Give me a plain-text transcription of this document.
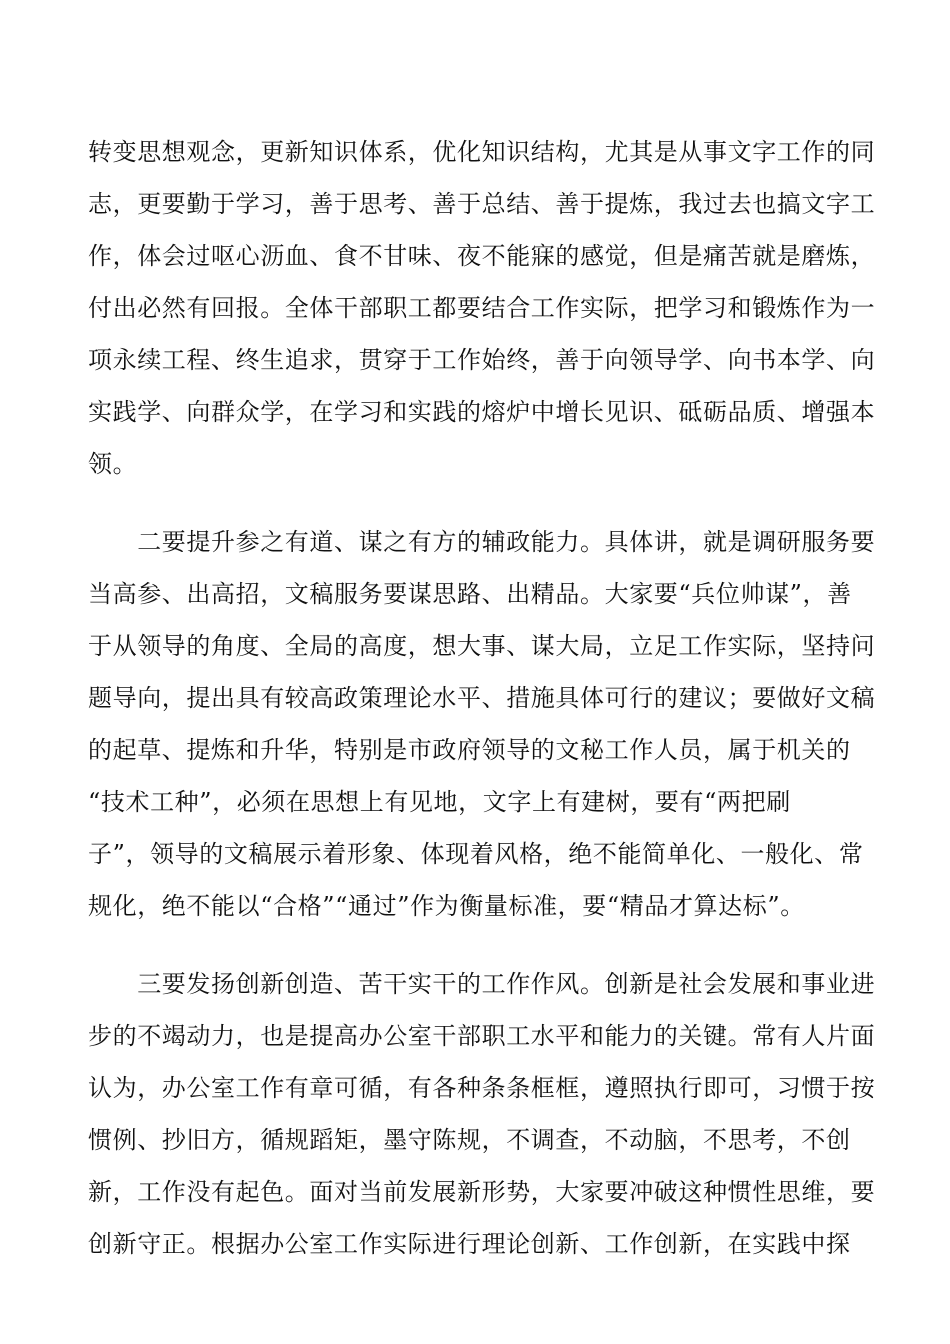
转变思想观念，更新知识体系，优化知识结构，尤其是从事文字工作的同
志，更要勤于学习，善于思考、善于总结、善于提炼，我过去也搞文字工
作，体会过呕心沥血、食不甘味、夜不能寐的感觉，但是痛苦就是磨炼，
付出必然有回报。全体干部职工都要结合工作实际，把学习和锻炼作为一
项永续工程、终生追求，贯穿于工作始终，善于向领导学、向书本学、向
实践学、向群众学，在学习和实践的熔炉中增长见识、砥砺品质、增强本
领。
　　二要提升参之有道、谋之有方的辅政能力。具体讲，就是调研服务要
当高参、出高招，文稿服务要谋思路、出精品。大家要“兵位帅谋”，善
于从领导的角度、全局的高度，想大事、谋大局，立足工作实际，坚持问
题导向，提出具有较高政策理论水平、措施具体可行的建议；要做好文稿
的起草、提炼和升华，特别是市政府领导的文秘工作人员，属于机关的
“技术工种”，必须在思想上有见地，文字上有建树，要有“两把刷
子”，领导的文稿展示着形象、体现着风格，绝不能简单化、一般化、常
规化，绝不能以“合格”“通过”作为衡量标准，要“精品才算达标”。
　　三要发扬创新创造、苦干实干的工作作风。创新是社会发展和事业进
步的不竭动力，也是提高办公室干部职工水平和能力的关键。常有人片面
认为，办公室工作有章可循，有各种条条框框，遵照执行即可，习惯于按
惯例、抄旧方，循规蹈矩，墨守陈规，不调查，不动脑，不思考，不创
新，工作没有起色。面对当前发展新形势，大家要冲破这种惯性思维，要
创新守正。根据办公室工作实际进行理论创新、工作创新，在实践中探
